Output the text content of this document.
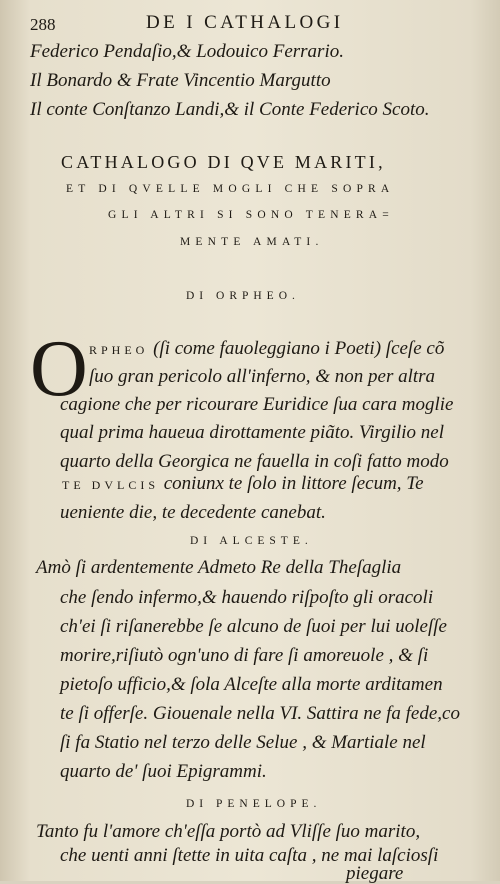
288	DE I CATHALOGI
Federico Pendaſio,& Lodouico Ferrario.
Il Bonardo & Frate Vincentio Margutto
Il conte Conſtanzo Landi,& il Conte Federico Scoto.
CATHALOGO DI QVE MARITI,
ET DI QVELLE MOGLI CHE SOPRA
GLI ALTRI SI SONO TENERA=
MENTE AMATI.
DI ORPHEO.
O RPHEO (ſi come fauoleggiano i Poeti) ſceſe cõ
ſuo gran pericolo all'inferno, & non per altra
cagione che per ricourare Euridice ſua cara moglie
qual prima haueua dirottamente piãto. Virgilio nel
quarto della Georgica ne fauella in coſi fatto modo
TE DVLCIS coniunx te ſolo in littore ſecum, Te
ueniente die, te decedente canebat.
DI ALCESTE.
Amò ſi ardentemente Admeto Re della Theſaglia
che ſendo infermo,& hauendo riſpoſto gli oracoli
ch'ei ſi riſanerebbe ſe alcuno de ſuoi per lui uoleſſe
morire,riſiutò ogn'uno di fare ſi amoreuole , & ſi
pietoſo ufficio,& ſola Alceſte alla morte arditamen
te ſi offerſe. Giouenale nella VI. Sattira ne fa fede,co
ſi fa Statio nel terzo delle Selue , & Martiale nel
quarto de' ſuoi Epigrammi.
DI PENELOPE.
Tanto fu l'amore ch'eſſa portò ad Vliſſe ſuo marito,
che uenti anni ſtette in uita caſta , ne mai laſciosſi
piegare
